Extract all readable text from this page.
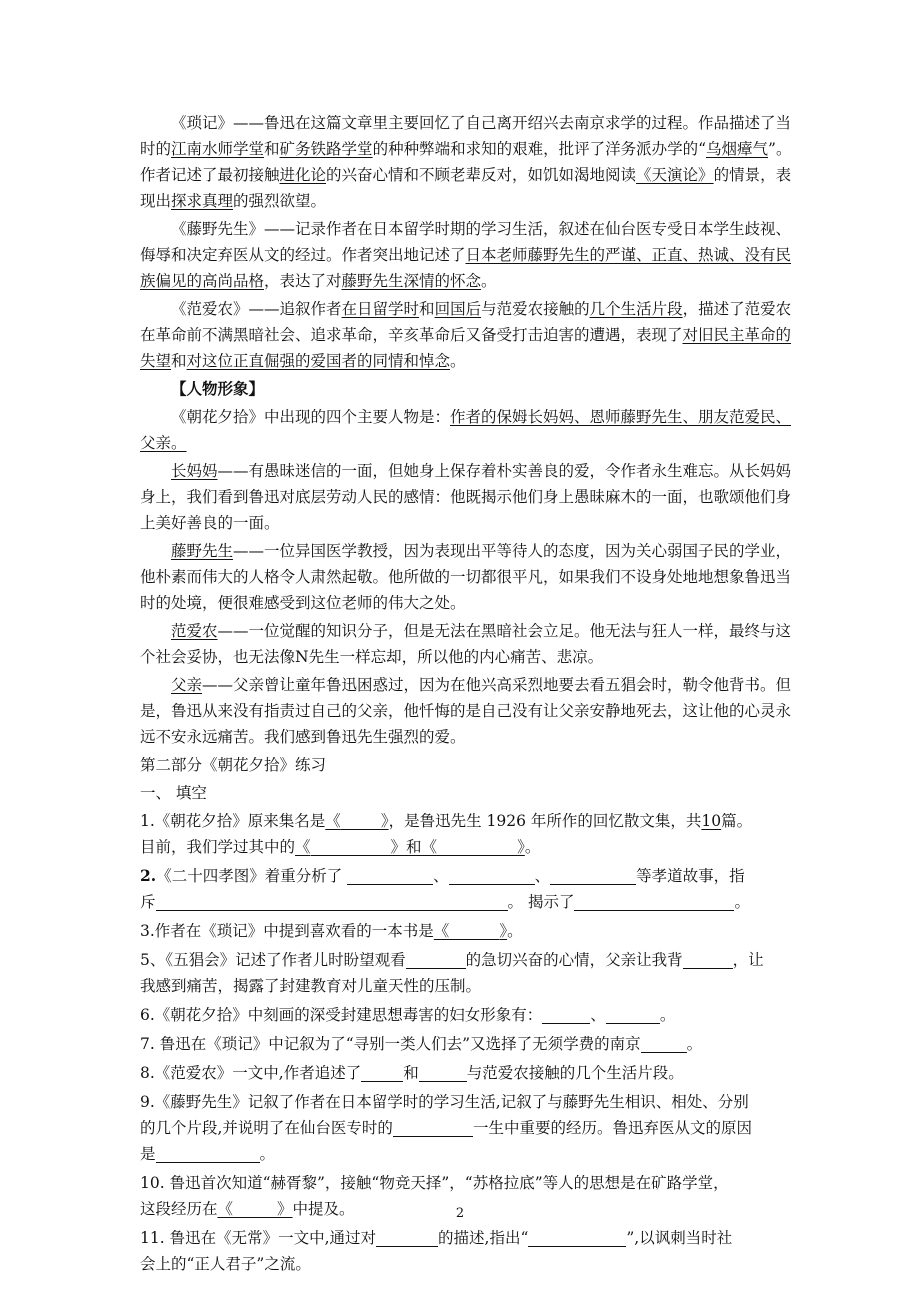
《琐记》——鲁迅在这篇文章里主要回忆了自己离开绍兴去南京求学的过程。作品描述了当时的江南水师学堂和矿务铁路学堂的种种弊端和求知的艰难，批评了洋务派办学的“乌烟瘴气”。作者记述了最初接触进化论的兴奋心情和不顾老辈反对，如饥如渴地阅读《天演论》的情景，表现出探求真理的强烈欲望。

《藤野先生》——记录作者在日本留学时期的学习生活，叙述在仙台医专受日本学生歧视、侮辱和决定弃医从文的经过。作者突出地记述了日本老师藤野先生的严谨、正直、热诚、没有民族偏见的高尚品格，表达了对藤野先生深情的怀念。

《范爱农》——追叙作者在日留学时和回国后与范爱农接触的几个生活片段，描述了范爱农在革命前不满黑暗社会、追求革命，辛亥革命后又备受打击迫害的遭遇，表现了对旧民主革命的失望和对这位正直倔强的爱国者的同情和悼念。

【人物形象】

《朝花夕拾》中出现的四个主要人物是：作者的保姆长妈妈、恩师藤野先生、朋友范爱民、父亲。

长妈妈——有愚昧迷信的一面，但她身上保存着朴实善良的爱，令作者永生难忘。从长妈妈身上，我们看到鲁迅对底层劳动人民的感情：他既揭示他们身上愚昧麻木的一面，也歌颂他们身上美好善良的一面。

藤野先生——一位异国医学教授，因为表现出平等待人的态度，因为关心弱国子民的学业，他朴素而伟大的人格令人肃然起敬。他所做的一切都很平凡，如果我们不设身处地地想象鲁迅当时的处境，便很难感受到这位老师的伟大之处。

范爱农——一位觉醒的知识分子，但是无法在黑暗社会立足。他无法与狂人一样，最终与这个社会妥协，也无法像N先生一样忘却，所以他的内心痛苦、悲凉。

父亲——父亲曾让童年鲁迅困惑过，因为在他兴高采烈地要去看五猖会时，勒令他背书。但是，鲁迅从来没有指责过自己的父亲，他忏悔的是自己没有让父亲安静地死去，这让他的心灵永远不安永远痛苦。我们感到鲁迅先生强烈的爱。

第二部分《朝花夕拾》练习

一、 填空

1.《朝花夕拾》原来集名是《	》，是鲁迅先生 1926 年所作的回忆散文集，共10篇。
目前，我们学过其中的《	》和《	》。

2.《二十四孝图》着重分析了	、	、	等孝道故事，指
斥	。 揭示了	。

3.作者在《琐记》中提到喜欢看的一本书是《	》。

5、《五猖会》记述了作者儿时盼望观看	的急切兴奋的心情，父亲让我背	，让
我感到痛苦，揭露了封建教育对儿童天性的压制。

6.《朝花夕拾》中刻画的深受封建思想毒害的妇女形象有：	、	。

7. 鲁迅在《琐记》中记叙为了“寻别一类人们去”又选择了无须学费的南京	。

8.《范爱农》一文中,作者追述了	和	与范爱农接触的几个生活片段。

9.《藤野先生》记叙了作者在日本留学时的学习生活,记叙了与藤野先生相识、相处、分别
的几个片段,并说明了在仙台医专时的	一生中重要的经历。鲁迅弃医从文的原因
是	。

10. 鲁迅首次知道“赫胥黎”，接触“物竞天择”，“苏格拉底”等人的思想是在矿路学堂，
这段经历在《	》中提及。

11. 鲁迅在《无常》一文中,通过对	的描述,指出“	”,以讽刺当时社
会上的“正人君子”之流。

2
